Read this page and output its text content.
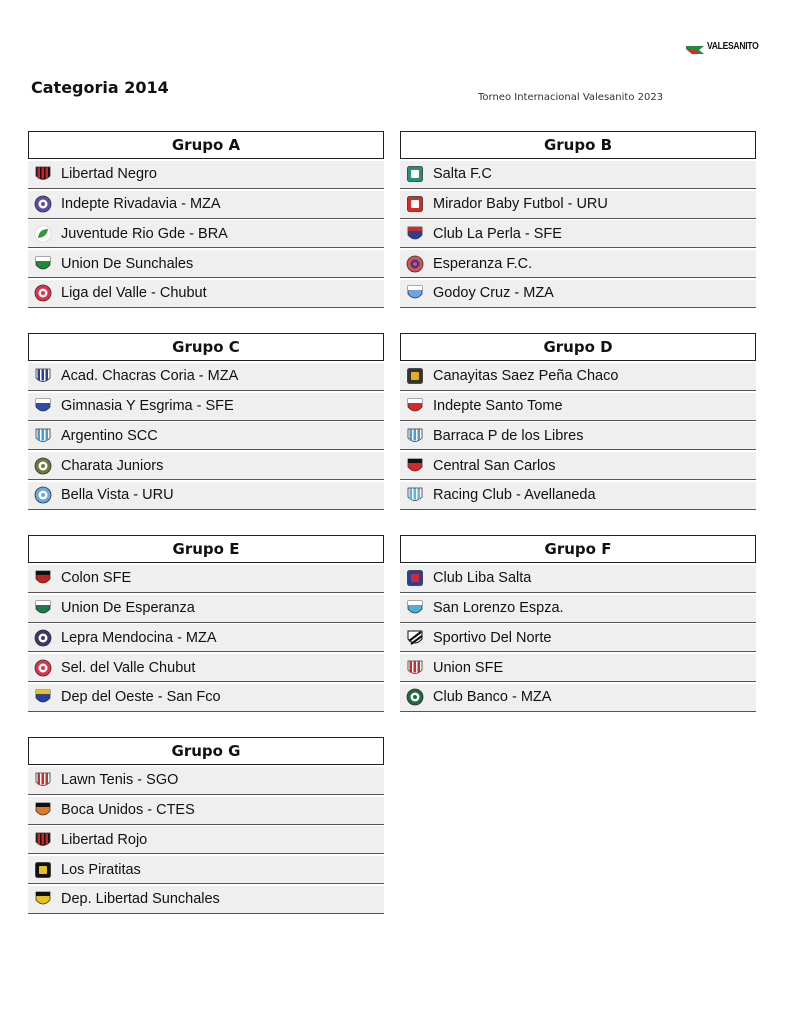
VALESANITO
Categoria 2014
Torneo Internacional Valesanito 2023
Grupo A
Libertad Negro
Indepte Rivadavia - MZA
Juventude Rio Gde - BRA
Union De Sunchales
Liga del Valle - Chubut
Grupo B
Salta F.C
Mirador Baby Futbol - URU
Club La Perla - SFE
Esperanza F.C.
Godoy Cruz - MZA
Grupo C
Acad. Chacras Coria - MZA
Gimnasia Y Esgrima - SFE
Argentino SCC
Charata Juniors
Bella Vista - URU
Grupo D
Canayitas Saez Peña Chaco
Indepte Santo Tome
Barraca P de los Libres
Central San Carlos
Racing Club - Avellaneda
Grupo E
Colon SFE
Union De Esperanza
Lepra Mendocina - MZA
Sel. del Valle Chubut
Dep del Oeste - San Fco
Grupo F
Club Liba Salta
San Lorenzo Espza.
Sportivo Del Norte
Union SFE
Club Banco - MZA
Grupo G
Lawn Tenis - SGO
Boca Unidos - CTES
Libertad Rojo
Los Piratitas
Dep. Libertad Sunchales
